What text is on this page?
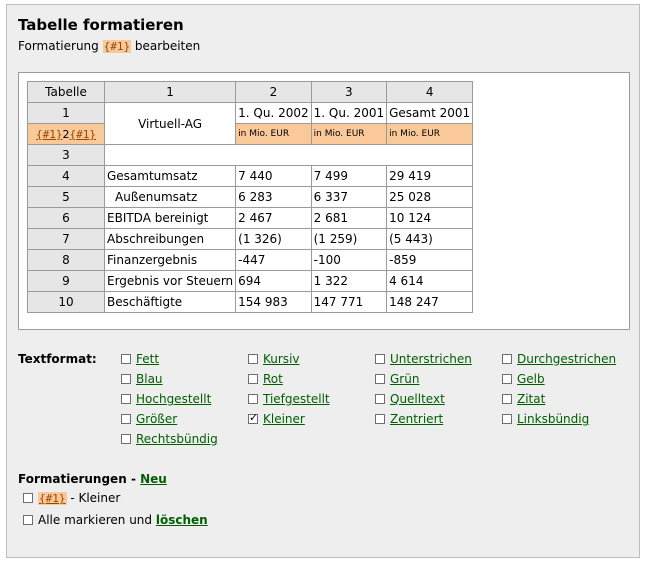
Tabelle formatieren
Formatierung {#1} bearbeiten
Tabelle	1	2	3	4
1	Virtuell-AG	1. Qu. 2002	1. Qu. 2001	Gesamt 2001
{#1}2{#1}		in Mio. EUR	in Mio. EUR	in Mio. EUR
3				
4	Gesamtumsatz	7 440	7 499	29 419
5	Außenumsatz	6 283	6 337	25 028
6	EBITDA bereinigt	2 467	2 681	10 124
7	Abschreibungen	(1 326)	(1 259)	(5 443)
8	Finanzergebnis	-447	-100	-859
9	Ergebnis vor Steuern	694	1 322	4 614
10	Beschäftigte	154 983	147 771	148 247
Textformat:	Fett	Kursiv	Unterstrichen	Durchgestrichen
Blau	Rot	Grün	Gelb
Hochgestellt	Tiefgestellt	Quelltext	Zitat
Größer ✓	Kleiner	Zentriert	Linksbündig
Rechtsbündig
Formatierungen - Neu
{#1} - Kleiner
Alle markieren und löschen
